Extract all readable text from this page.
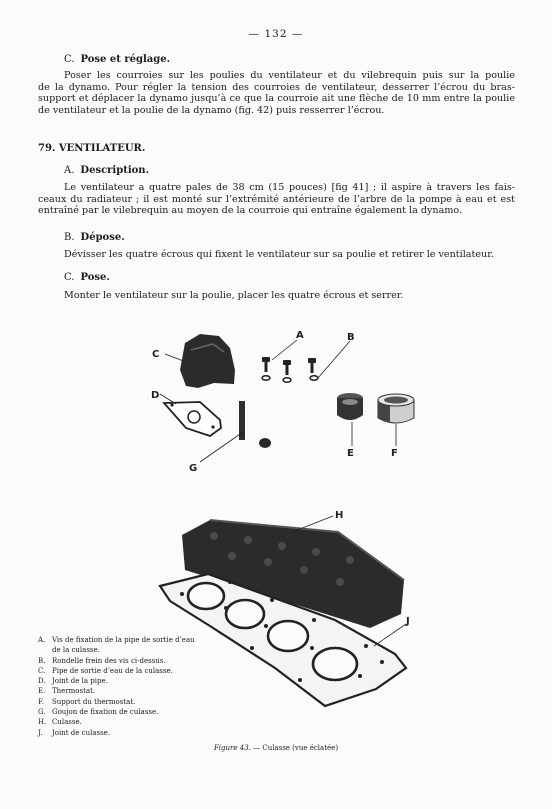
— 132 —
C. Pose et réglage.
Poser les courroies sur les poulies du ventilateur et du vilebrequin puis sur la poulie
de la dynamo. Pour régler la tension des courroies de ventilateur, desserrer l’écrou du bras-
support et déplacer la dynamo jusqu’à ce que la courroie ait une flèche de 10 mm entre la poulie
de ventilateur et la poulie de la dynamo (fig. 42) puis resserrer l’écrou.
79. VENTILATEUR.
A. Description.
Le ventilateur a quatre pales de 38 cm (15 pouces) [fig 41] ; il aspire à travers les fais-
ceaux du radiateur ; il est monté sur l’extrémité antérieure de l’arbre de la pompe à eau et est
entraîné par le vilebrequin au moyen de la courroie qui entraîne également la dynamo.
B. Dépose.
Dévisser les quatre écrous qui fixent le ventilateur sur sa poulie et retirer le ventilateur.
C. Pose.
Monter le ventilateur sur la poulie, placer les quatre écrous et serrer.
C
D
A	B
G
E	F
H
J
A. Vis de fixation de la pipe de sortie d’eau de la culasse.
B. Rondelle frein des vis ci-dessus.
C. Pipe de sortie d’eau de la culasse.
D. Joint de la pipe.
E. Thermostat.
F. Support du thermostat.
G. Goujon de fixation de culasse.
H. Culasse.
J. Joint de culasse.
Figure 43. — Culasse (vue éclatée)
